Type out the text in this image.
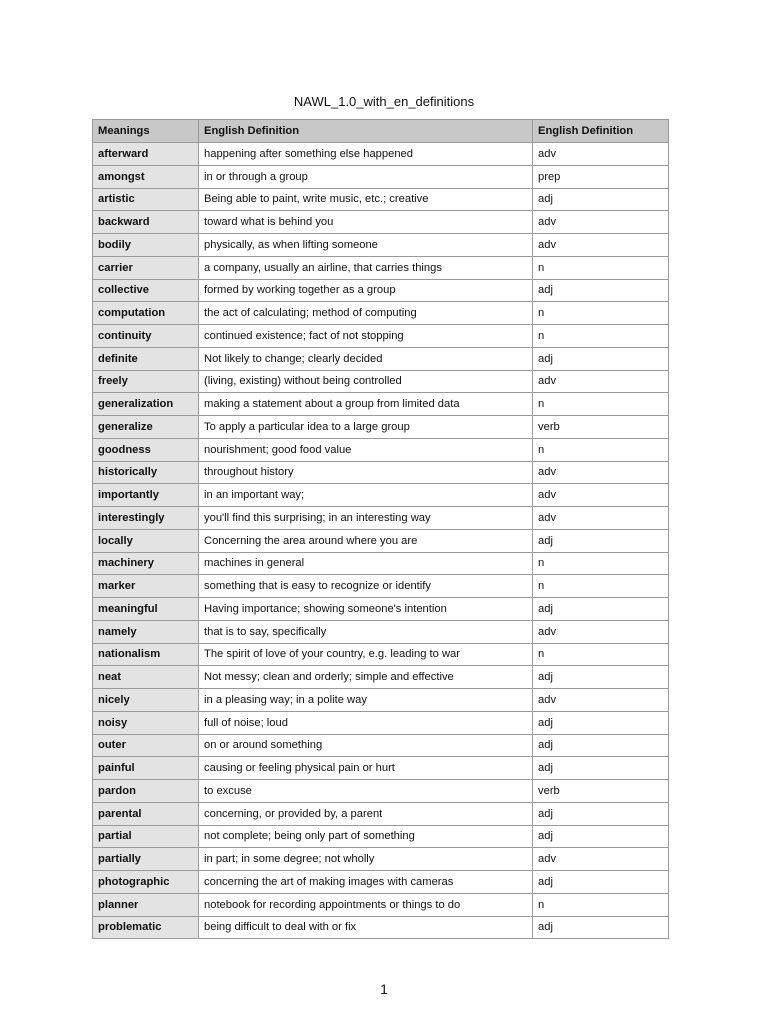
NAWL_1.0_with_en_definitions
Meanings	English Definition	English Definition
afterward	happening after something else happened	adv
amongst	in or through a group	prep
artistic	Being able to paint, write music, etc.; creative	adj
backward	toward what is behind you	adv
bodily	physically, as when lifting someone	adv
carrier	a company, usually an airline, that carries things	n
collective	formed by working together as a group	adj
computation	the act of calculating; method of computing	n
continuity	continued existence; fact of not stopping	n
definite	Not likely to change; clearly decided	adj
freely	(living, existing) without being controlled	adv
generalization	making a statement about a group from limited data	n
generalize	To apply a particular idea to a large group	verb
goodness	nourishment; good food value	n
historically	throughout history	adv
importantly	in an important way;	adv
interestingly	you'll find this surprising; in an interesting way	adv
locally	Concerning the area around where you are	adj
machinery	machines in general	n
marker	something that is easy to recognize or identify	n
meaningful	Having importance; showing someone's intention	adj
namely	that is to say, specifically	adv
nationalism	The spirit of love of your country, e.g. leading to war	n
neat	Not messy; clean and orderly; simple and effective	adj
nicely	in a pleasing way; in a polite way	adv
noisy	full of noise; loud	adj
outer	on or around something	adj
painful	causing or feeling physical pain or hurt	adj
pardon	to excuse	verb
parental	concerning, or provided by, a parent	adj
partial	not complete; being only part of something	adj
partially	in part; in some degree; not wholly	adv
photographic	concerning the art of making images with cameras	adj
planner	notebook for recording appointments or things to do	n
problematic	being difficult to deal with or fix	adj
1
